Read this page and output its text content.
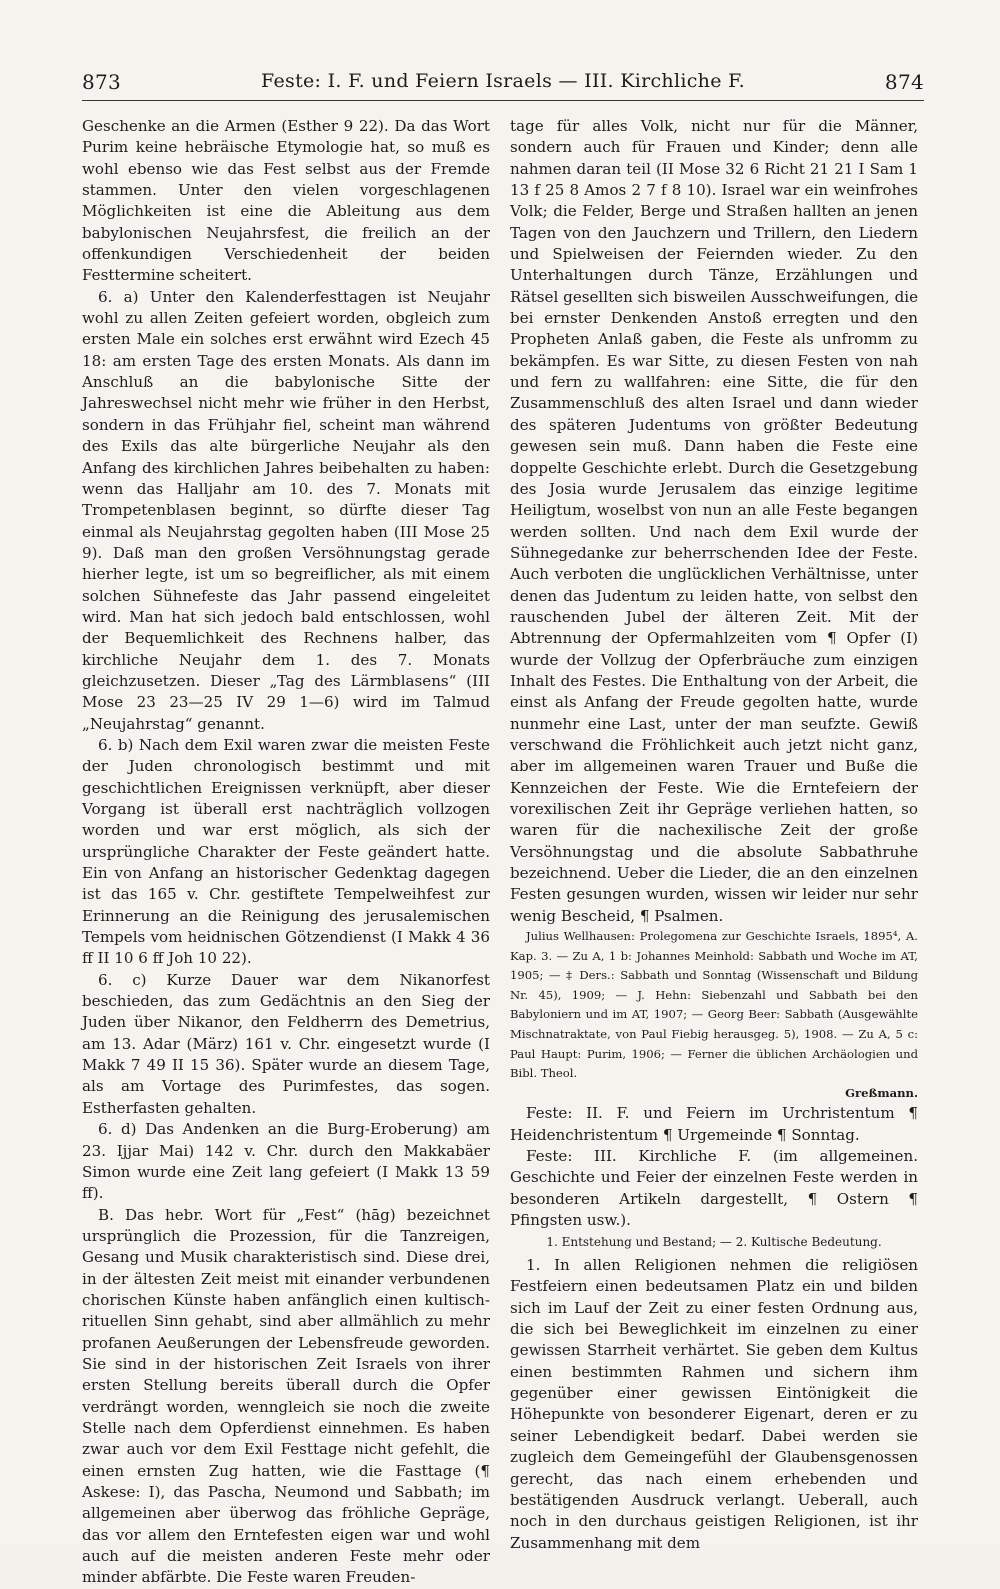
873	Feste: I. F. und Feiern Israels — III. Kirchliche F.	874

Geschenke an die Armen (Esther 9 22). Da das Wort Purim keine hebräische Etymologie hat, so muß es wohl ebenso wie das Fest selbst aus der Fremde stammen. Unter den vielen vorgeschlagenen Möglichkeiten ist eine die Ableitung aus dem babylonischen Neujahrsfest, die freilich an der offenkundigen Verschiedenheit der beiden Festtermine scheitert.

6. a) Unter den Kalenderfesttagen ist Neujahr wohl zu allen Zeiten gefeiert worden, obgleich zum ersten Male ein solches erst erwähnt wird Ezech 45 18: am ersten Tage des ersten Monats. Als dann im Anschluß an die babylonische Sitte der Jahreswechsel nicht mehr wie früher in den Herbst, sondern in das Frühjahr fiel, scheint man während des Exils das alte bürgerliche Neujahr als den Anfang des kirchlichen Jahres beibehalten zu haben: wenn das Halljahr am 10. des 7. Monats mit Trompetenblasen beginnt, so dürfte dieser Tag einmal als Neujahrstag gegolten haben (III Mose 25 9). Daß man den großen Versöhnungstag gerade hierher legte, ist um so begreiflicher, als mit einem solchen Sühnefeste das Jahr passend eingeleitet wird. Man hat sich jedoch bald entschlossen, wohl der Bequemlichkeit des Rechnens halber, das kirchliche Neujahr dem 1. des 7. Monats gleichzusetzen. Dieser „Tag des Lärmblasens“ (III Mose 23 23—25 IV 29 1—6) wird im Talmud „Neujahrstag“ genannt.

6. b) Nach dem Exil waren zwar die meisten Feste der Juden chronologisch bestimmt und mit geschichtlichen Ereignissen verknüpft, aber dieser Vorgang ist überall erst nachträglich vollzogen worden und war erst möglich, als sich der ursprüngliche Charakter der Feste geändert hatte. Ein von Anfang an historischer Gedenktag dagegen ist das 165 v. Chr. gestiftete Tempelweihfest zur Erinnerung an die Reinigung des jerusalemischen Tempels vom heidnischen Götzendienst (I Makk 4 36 ff II 10 6 ff Joh 10 22).

6. c) Kurze Dauer war dem Nikanorfest beschieden, das zum Gedächtnis an den Sieg der Juden über Nikanor, den Feldherrn des Demetrius, am 13. Adar (März) 161 v. Chr. eingesetzt wurde (I Makk 7 49 II 15 36). Später wurde an diesem Tage, als am Vortage des Purimfestes, das sogen. Estherfasten gehalten.

6. d) Das Andenken an die Burg-Eroberung) am 23. Ijjar Mai) 142 v. Chr. durch den Makkabäer Simon wurde eine Zeit lang gefeiert (I Makk 13 59 ff).

B. Das hebr. Wort für „Fest“ (hāg) bezeichnet ursprünglich die Prozession, für die Tanzreigen, Gesang und Musik charakteristisch sind. Diese drei, in der ältesten Zeit meist mit einander verbundenen chorischen Künste haben anfänglich einen kultisch-rituellen Sinn gehabt, sind aber allmählich zu mehr profanen Aeußerungen der Lebensfreude geworden. Sie sind in der historischen Zeit Israels von ihrer ersten Stellung bereits überall durch die Opfer verdrängt worden, wenngleich sie noch die zweite Stelle nach dem Opferdienst einnehmen. Es haben zwar auch vor dem Exil Festtage nicht gefehlt, die einen ernsten Zug hatten, wie die Fasttage (¶ Askese: I), das Pascha, Neumond und Sabbath; im allgemeinen aber überwog das fröhliche Gepräge, das vor allem den Erntefesten eigen war und wohl auch auf die meisten anderen Feste mehr oder minder abfärbte. Die Feste waren Freuden-

tage für alles Volk, nicht nur für die Männer, sondern auch für Frauen und Kinder; denn alle nahmen daran teil (II Mose 32 6 Richt 21 21 I Sam 1 13 f 25 8 Amos 2 7 f 8 10). Israel war ein weinfrohes Volk; die Felder, Berge und Straßen hallten an jenen Tagen von den Jauchzern und Trillern, den Liedern und Spielweisen der Feiernden wieder. Zu den Unterhaltungen durch Tänze, Erzählungen und Rätsel gesellten sich bisweilen Ausschweifungen, die bei ernster Denkenden Anstoß erregten und den Propheten Anlaß gaben, die Feste als unfromm zu bekämpfen. Es war Sitte, zu diesen Festen von nah und fern zu wallfahren: eine Sitte, die für den Zusammenschluß des alten Israel und dann wieder des späteren Judentums von größter Bedeutung gewesen sein muß. Dann haben die Feste eine doppelte Geschichte erlebt. Durch die Gesetzgebung des Josia wurde Jerusalem das einzige legitime Heiligtum, woselbst von nun an alle Feste begangen werden sollten. Und nach dem Exil wurde der Sühnegedanke zur beherrschenden Idee der Feste. Auch verboten die unglücklichen Verhältnisse, unter denen das Judentum zu leiden hatte, von selbst den rauschenden Jubel der älteren Zeit. Mit der Abtrennung der Opfermahlzeiten vom ¶ Opfer (I) wurde der Vollzug der Opferbräuche zum einzigen Inhalt des Festes. Die Enthaltung von der Arbeit, die einst als Anfang der Freude gegolten hatte, wurde nunmehr eine Last, unter der man seufzte. Gewiß verschwand die Fröhlichkeit auch jetzt nicht ganz, aber im allgemeinen waren Trauer und Buße die Kennzeichen der Feste. Wie die Erntefeiern der vorexilischen Zeit ihr Gepräge verliehen hatten, so waren für die nachexilische Zeit der große Versöhnungstag und die absolute Sabbathruhe bezeichnend. Ueber die Lieder, die an den einzelnen Festen gesungen wurden, wissen wir leider nur sehr wenig Bescheid, ¶ Psalmen.

Julius Wellhausen: Prolegomena zur Geschichte Israels, 1895⁴, A. Kap. 3. — Zu A, 1 b: Johannes Meinhold: Sabbath und Woche im AT, 1905; — ‡ Ders.: Sabbath und Sonntag (Wissenschaft und Bildung Nr. 45), 1909; — J. Hehn: Siebenzahl und Sabbath bei den Babyloniern und im AT, 1907; — Georg Beer: Sabbath (Ausgewählte Mischnatraktate, von Paul Fiebig herausgeg. 5), 1908. — Zu A, 5 c: Paul Haupt: Purim, 1906; — Ferner die üblichen Archäologien und Bibl. Theol.

Greßmann.

Feste: II. F. und Feiern im Urchristentum ¶ Heidenchristentum ¶ Urgemeinde ¶ Sonntag.

Feste: III. Kirchliche F. (im allgemeinen. Geschichte und Feier der einzelnen Feste werden in besonderen Artikeln dargestellt, ¶ Ostern ¶ Pfingsten usw.).

1. Entstehung und Bestand; — 2. Kultische Bedeutung.

1. In allen Religionen nehmen die religiösen Festfeiern einen bedeutsamen Platz ein und bilden sich im Lauf der Zeit zu einer festen Ordnung aus, die sich bei Beweglichkeit im einzelnen zu einer gewissen Starrheit verhärtet. Sie geben dem Kultus einen bestimmten Rahmen und sichern ihm gegenüber einer gewissen Eintönigkeit die Höhepunkte von besonderer Eigenart, deren er zu seiner Lebendigkeit bedarf. Dabei werden sie zugleich dem Gemeingefühl der Glaubensgenossen gerecht, das nach einem erhebenden und bestätigenden Ausdruck verlangt. Ueberall, auch noch in den durchaus geistigen Religionen, ist ihr Zusammenhang mit dem
